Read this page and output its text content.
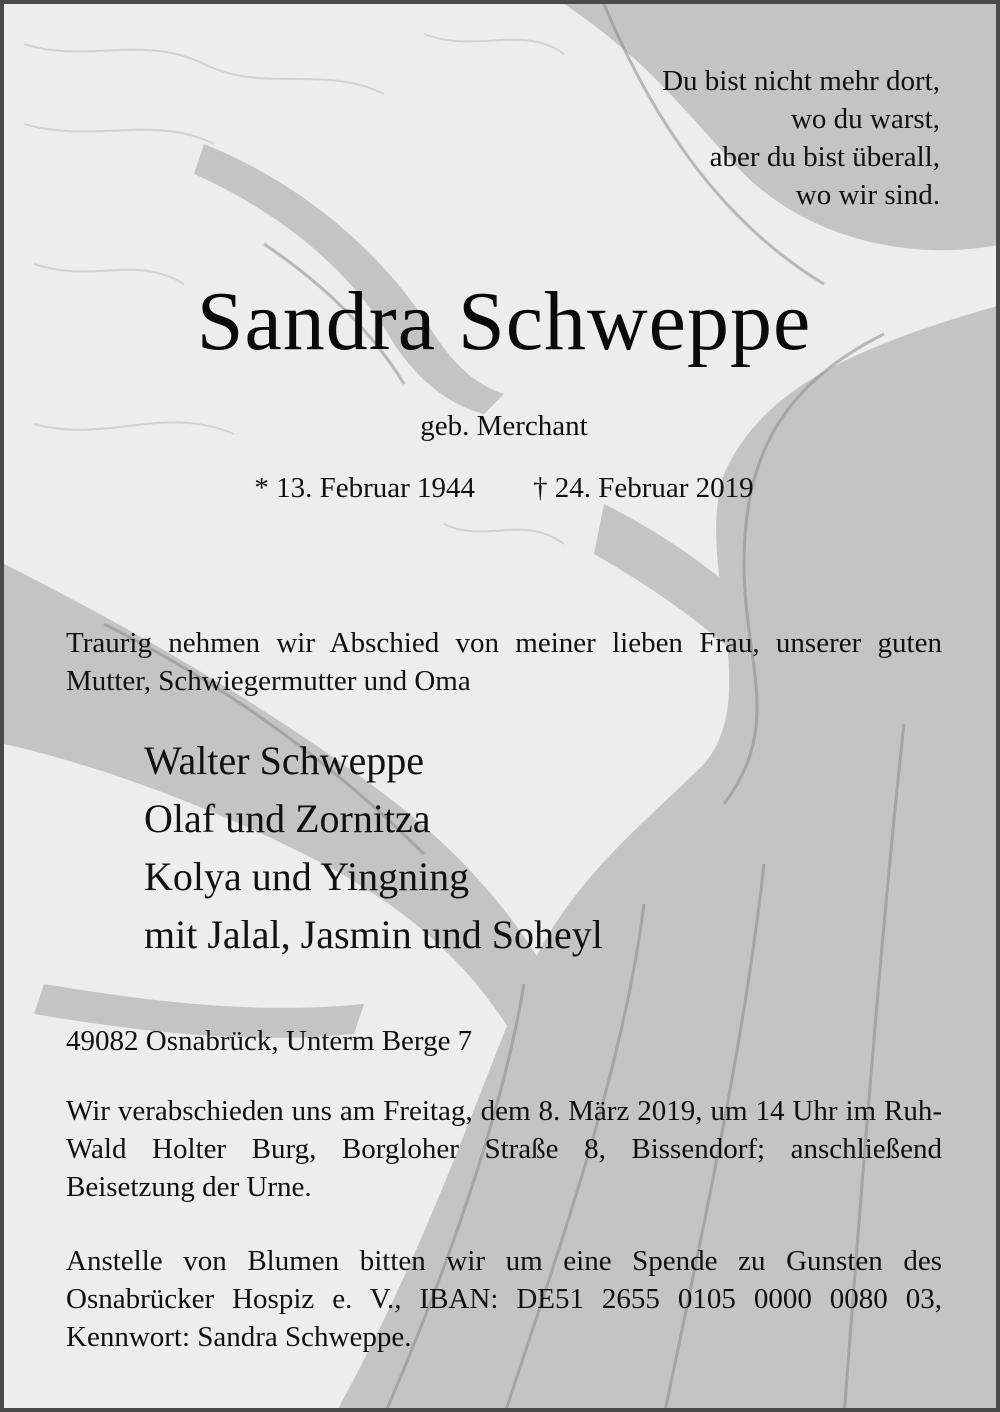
Du bist nicht mehr dort,
wo du warst,
aber du bist überall,
wo wir sind.
Sandra Schweppe
geb. Merchant
* 13. Februar 1944 † 24. Februar 2019
Traurig nehmen wir Abschied von meiner lieben Frau, unserer guten Mutter, Schwiegermutter und Oma
Walter Schweppe
Olaf und Zornitza
Kolya und Yingning
mit Jalal, Jasmin und Soheyl
49082 Osnabrück, Unterm Berge 7
Wir verabschieden uns am Freitag, dem 8. März 2019, um 14 Uhr im Ruh-Wald Holter Burg, Borgloher Straße 8, Bissendorf; anschließend Beisetzung der Urne.
Anstelle von Blumen bitten wir um eine Spende zu Gunsten des Osnabrücker Hospiz e. V., IBAN: DE51 2655 0105 0000 0080 03, Kennwort: Sandra Schweppe.
